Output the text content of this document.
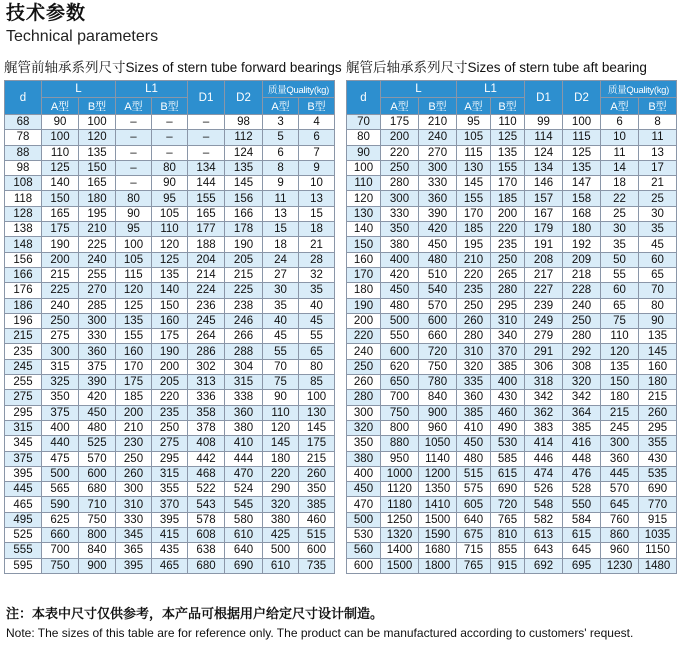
技术参数
Technical parameters
艉管前轴承系列尺寸Sizes of stern tube forward bearings 艉管后轴承系列尺寸Sizes of stern tube aft bearing
d	L		L1		D1	D2	质量Quality(kg)	
	A型	B型	A型	B型			A型	B型
68	90	100	–	–	–	98	3	4
78	100	120	–	–	–	112	5	6
88	110	135	–	–	–	124	6	7
98	125	150	–	80	134	135	8	9
108	140	165	–	90	144	145	9	10
118	150	180	80	95	155	156	11	13
128	165	195	90	105	165	166	13	15
138	175	210	95	110	177	178	15	18
148	190	225	100	120	188	190	18	21
156	200	240	105	125	204	205	24	28
166	215	255	115	135	214	215	27	32
176	225	270	120	140	224	225	30	35
186	240	285	125	150	236	238	35	40
196	250	300	135	160	245	246	40	45
215	275	330	155	175	264	266	45	55
235	300	360	160	190	286	288	55	65
245	315	375	170	200	302	304	70	80
255	325	390	175	205	313	315	75	85
275	350	420	185	220	336	338	90	100
295	375	450	200	235	358	360	110	130
315	400	480	210	250	378	380	120	145
345	440	525	230	275	408	410	145	175
375	475	570	250	295	442	444	180	215
395	500	600	260	315	468	470	220	260
445	565	680	300	355	522	524	290	350
465	590	710	310	370	543	545	320	385
495	625	750	330	395	578	580	380	460
525	660	800	345	415	608	610	425	515
555	700	840	365	435	638	640	500	600
595	750	900	395	465	680	690	610	735
d	L		L1		D1	D2	质量Quality(kg)	
	A型	B型	A型	B型			A型	B型
70	175	210	95	110	99	100	6	8
80	200	240	105	125	114	115	10	11
90	220	270	115	135	124	125	11	13
100	250	300	130	155	134	135	14	17
110	280	330	145	170	146	147	18	21
120	300	360	155	185	157	158	22	25
130	330	390	170	200	167	168	25	30
140	350	420	185	220	179	180	30	35
150	380	450	195	235	191	192	35	45
160	400	480	210	250	208	209	50	60
170	420	510	220	265	217	218	55	65
180	450	540	235	280	227	228	60	70
190	480	570	250	295	239	240	65	80
200	500	600	260	310	249	250	75	90
220	550	660	280	340	279	280	110	135
240	600	720	310	370	291	292	120	145
250	620	750	320	385	306	308	135	160
260	650	780	335	400	318	320	150	180
280	700	840	360	430	342	342	180	215
300	750	900	385	460	362	364	215	260
320	800	960	410	490	383	385	245	295
350	880	1050	450	530	414	416	300	355
380	950	1140	480	585	446	448	360	430
400	1000	1200	515	615	474	476	445	535
450	1120	1350	575	690	526	528	570	690
470	1180	1410	605	720	548	550	645	770
500	1250	1500	640	765	582	584	760	915
530	1320	1590	675	810	613	615	860	1035
560	1400	1680	715	855	643	645	960	1150
600	1500	1800	765	915	692	695	1230	1480

注：本表中尺寸仅供参考，本产品可根据用户给定尺寸设计制造。

Note: The sizes of this table are for reference only. The product can be manufactured according to customers' request.
